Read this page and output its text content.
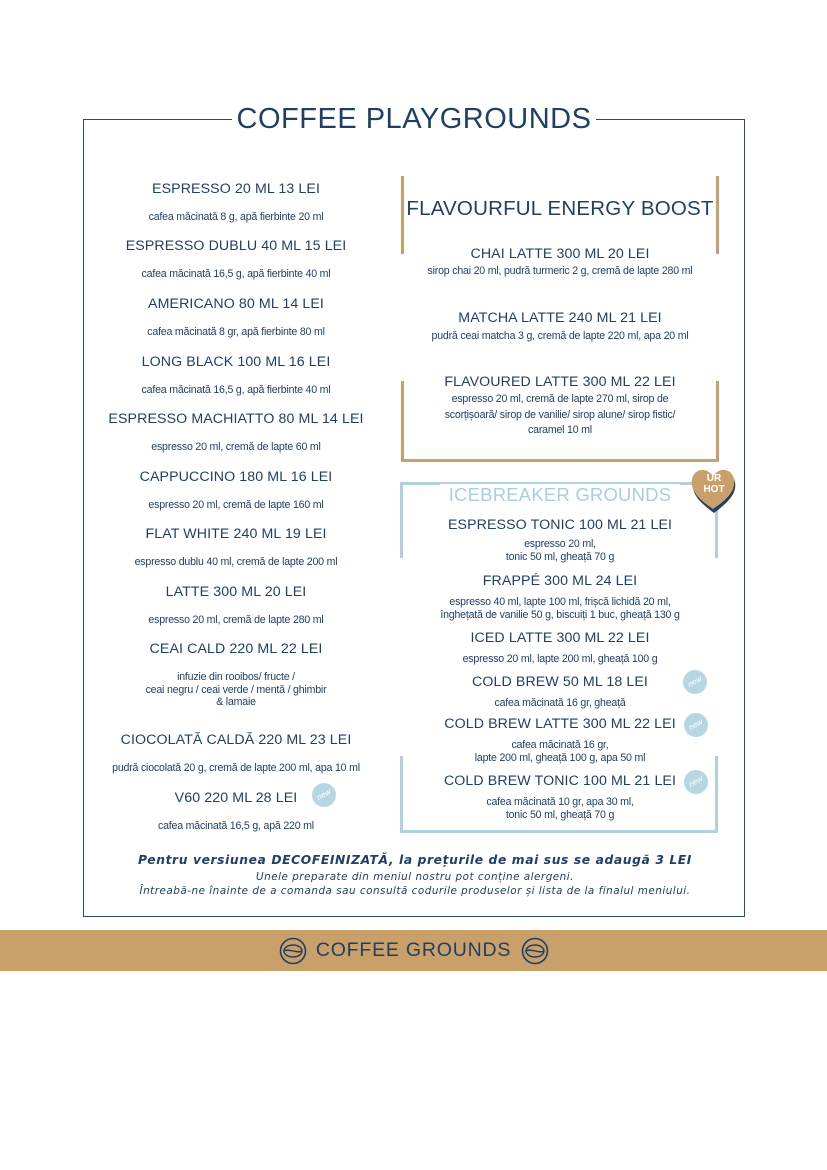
COFFEE PLAYGROUNDS
ESPRESSO 20 ML 13 LEI
cafea măcinată 8 g, apă fierbinte 20 ml
ESPRESSO DUBLU 40 ML 15 LEI
cafea măcinată 16,5 g, apă fierbinte 40 ml
AMERICANO 80 ML 14 LEI
cafea măcinată 8 gr, apă fierbinte 80 ml
LONG BLACK 100 ML 16 LEI
cafea măcinată 16,5 g, apă fierbinte 40 ml
ESPRESSO MACHIATTO 80 ML 14 LEI
espresso 20 ml, cremă de lapte 60 ml
CAPPUCCINO 180 ML 16 LEI
espresso 20 ml, cremă de lapte 160 ml
FLAT WHITE 240 ML 19 LEI
espresso dublu 40 ml, cremă de lapte 200 ml
LATTE 300 ML 20 LEI
espresso 20 ml, cremă de lapte 280 ml
CEAI CALD 220 ML 22 LEI
infuzie din rooibos/ fructe /
ceai negru / ceai verde / mentă / ghimbir
& lamaie
CIOCOLATĂ CALDĂ 220 ML 23 LEI
pudră ciocolată 20 g, cremă de lapte 200 ml, apa 10 ml
V60 220 ML 28 LEI
cafea măcinată 16,5 g, apă 220 ml
new
FLAVOURFUL ENERGY BOOST
CHAI LATTE 300 ML 20 LEI
sirop chai 20 ml, pudră turmeric 2 g, cremă de lapte 280 ml
MATCHA LATTE 240 ML 21 LEI
pudră ceai matcha 3 g, cremă de lapte 220 ml, apa 20 ml
FLAVOURED LATTE 300 ML 22 LEI
espresso 20 ml, cremă de lapte 270 ml, sirop de
scorțișoară/ sirop de vanilie/ sirop alune/ sirop fistic/
caramel 10 ml
ICEBREAKER GROUNDS
UR
HOT
ESPRESSO TONIC 100 ML 21 LEI
espresso 20 ml,
tonic 50 ml, gheață 70 g
FRAPPÉ 300 ML 24 LEI
espresso 40 ml, lapte 100 ml, frișcă lichidă 20 ml,
înghețată de vanilie 50 g, biscuiți 1 buc, gheață 130 g
ICED LATTE 300 ML 22 LEI
espresso 20 ml, lapte 200 ml, gheață 100 g
COLD BREW 50 ML 18 LEI
cafea măcinată 16 gr, gheață
new
COLD BREW LATTE 300 ML 22 LEI
cafea măcinată 16 gr,
lapte 200 ml, gheață 100 g, apa 50 ml
new
COLD BREW TONIC 100 ML 21 LEI
cafea măcinată 10 gr, apa 30 ml,
tonic 50 ml, gheață 70 g
new
Pentru versiunea DECOFEINIZATĂ, la prețurile de mai sus se adaugă 3 LEI
Unele preparate din meniul nostru pot conține alergeni.
Întreabă-ne înainte de a comanda sau consultă codurile produselor și lista de la finalul meniului.
COFFEE GROUNDS
